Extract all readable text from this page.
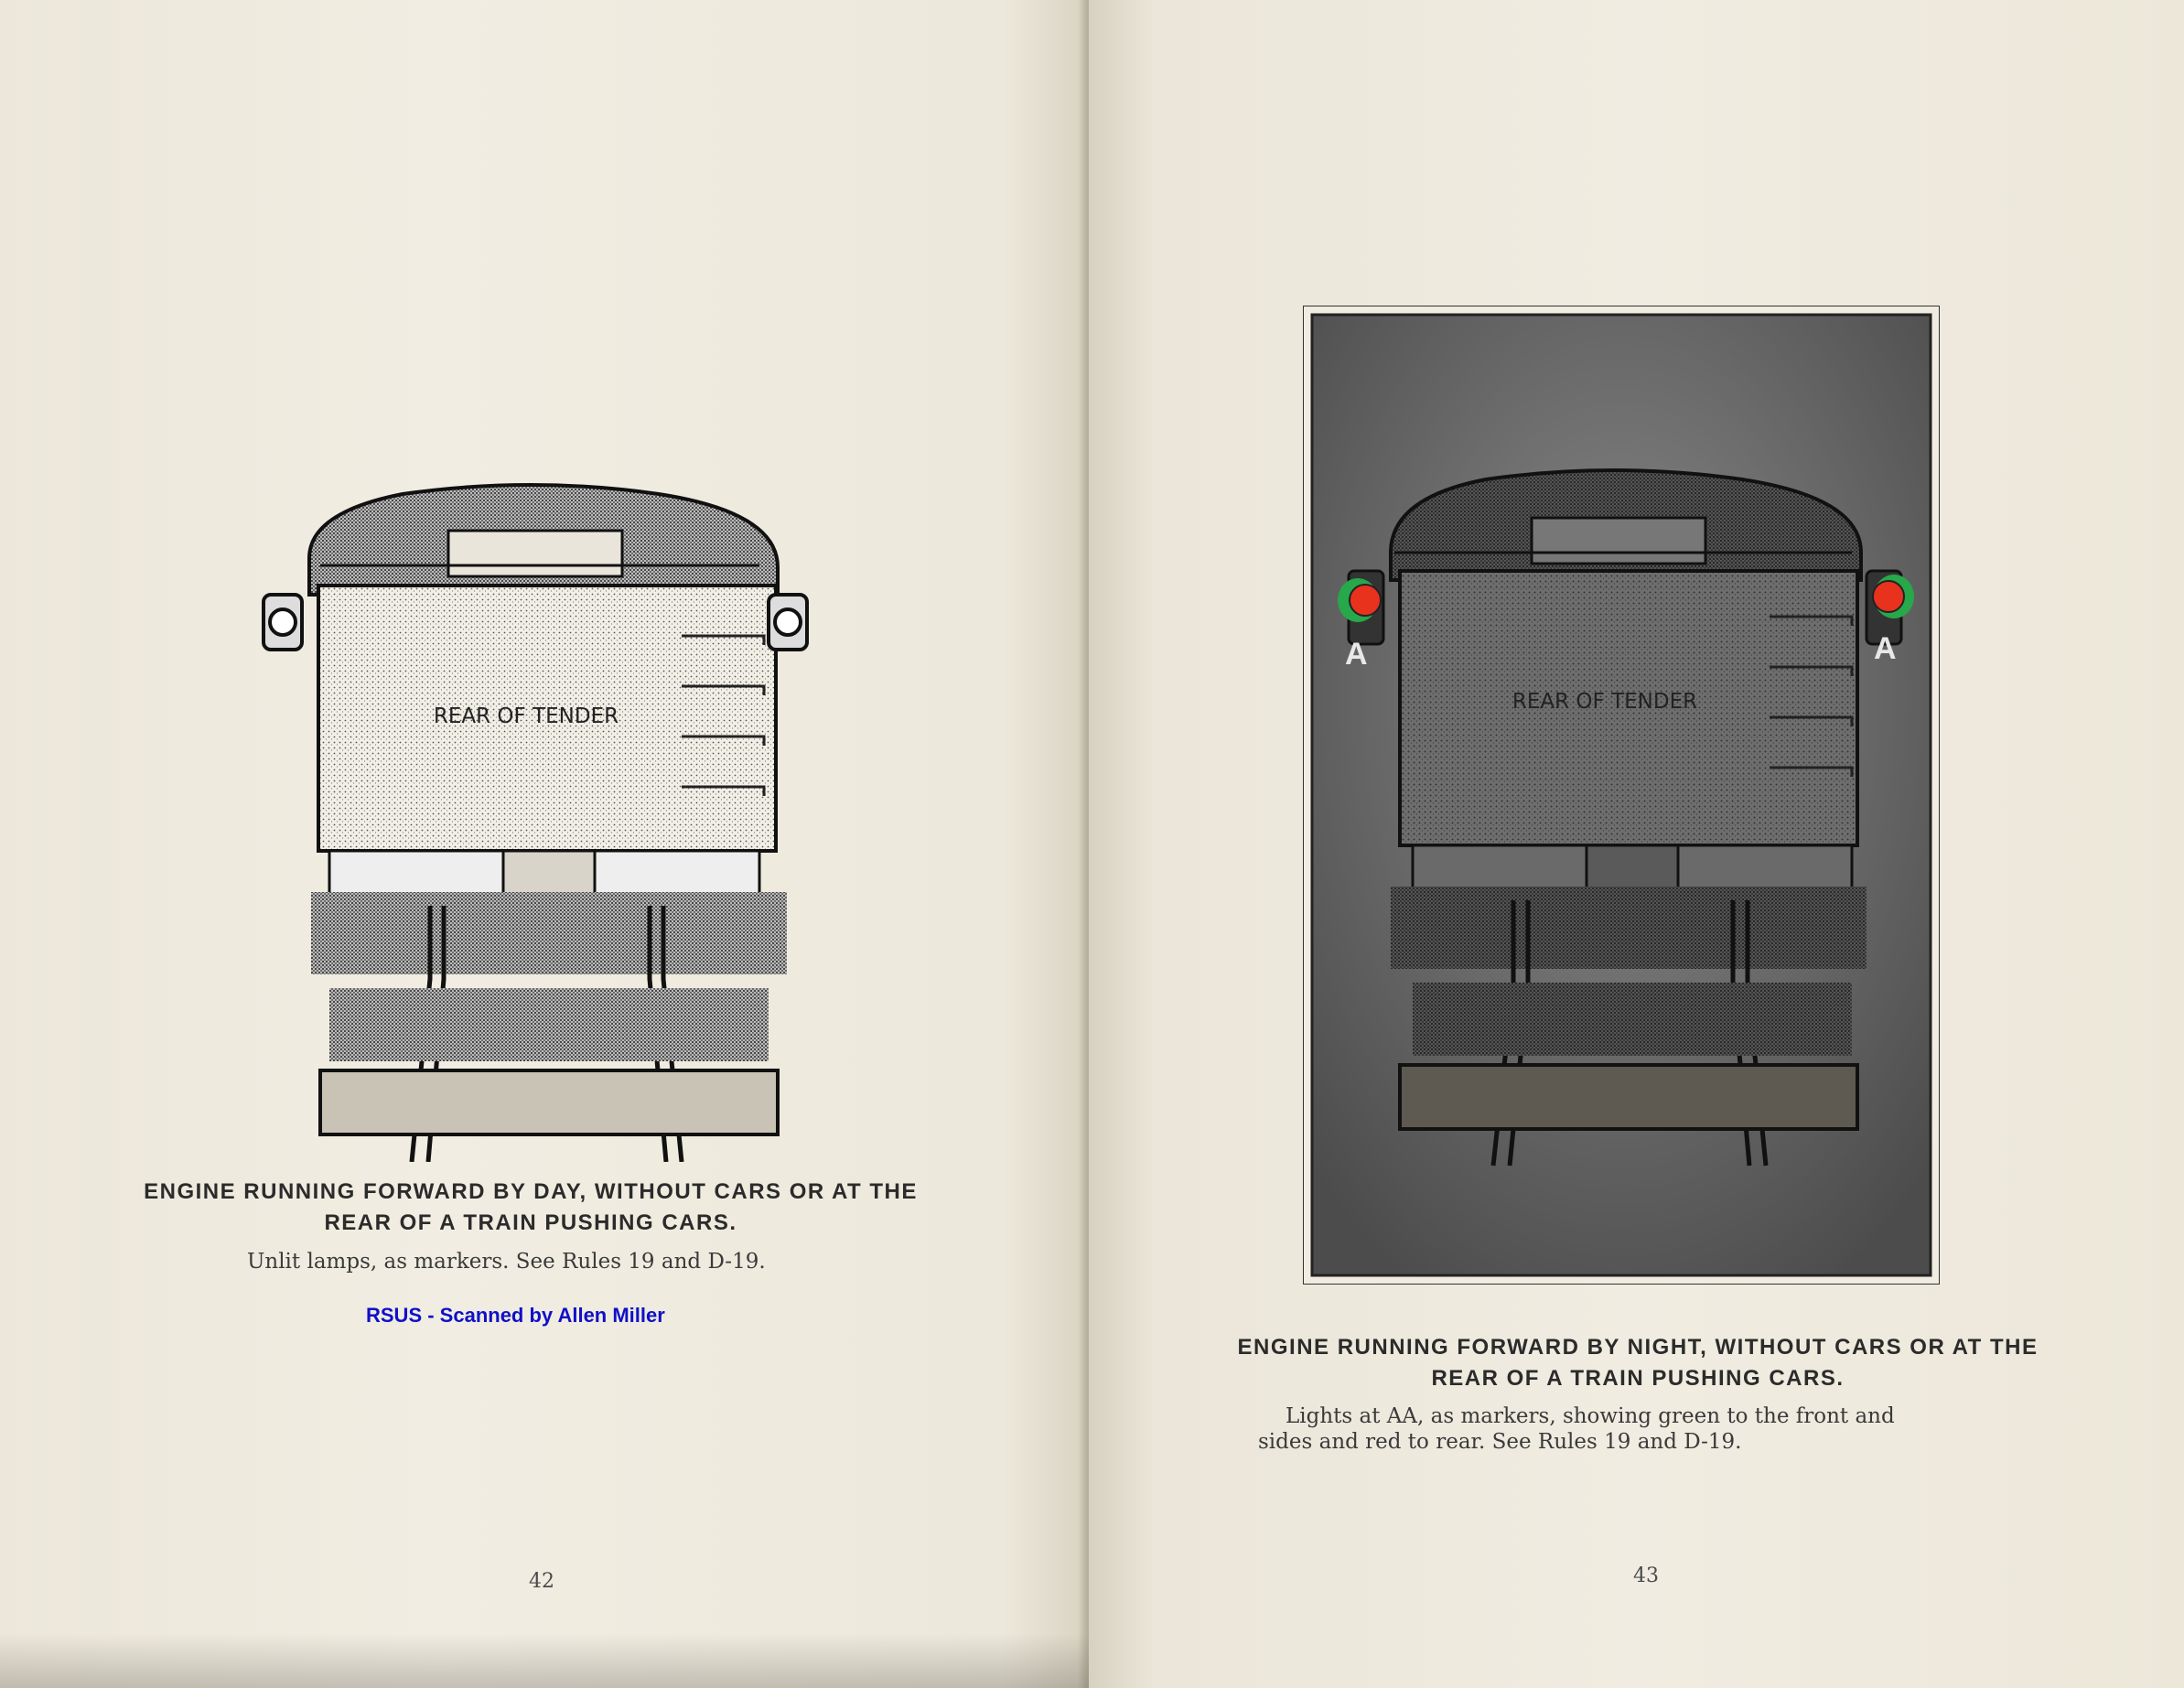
REAR OF TENDER
ENGINE RUNNING FORWARD BY DAY, WITHOUT CARS OR AT THE
REAR OF A TRAIN PUSHING CARS.
Unlit lamps, as markers. See Rules 19 and D-19.
RSUS - Scanned by Allen Miller
42
REAR OF TENDER
A	A
ENGINE RUNNING FORWARD BY NIGHT, WITHOUT CARS OR AT THE
REAR OF A TRAIN PUSHING CARS.
Lights at AA, as markers, showing green to the front and
sides and red to rear. See Rules 19 and D-19.
43
